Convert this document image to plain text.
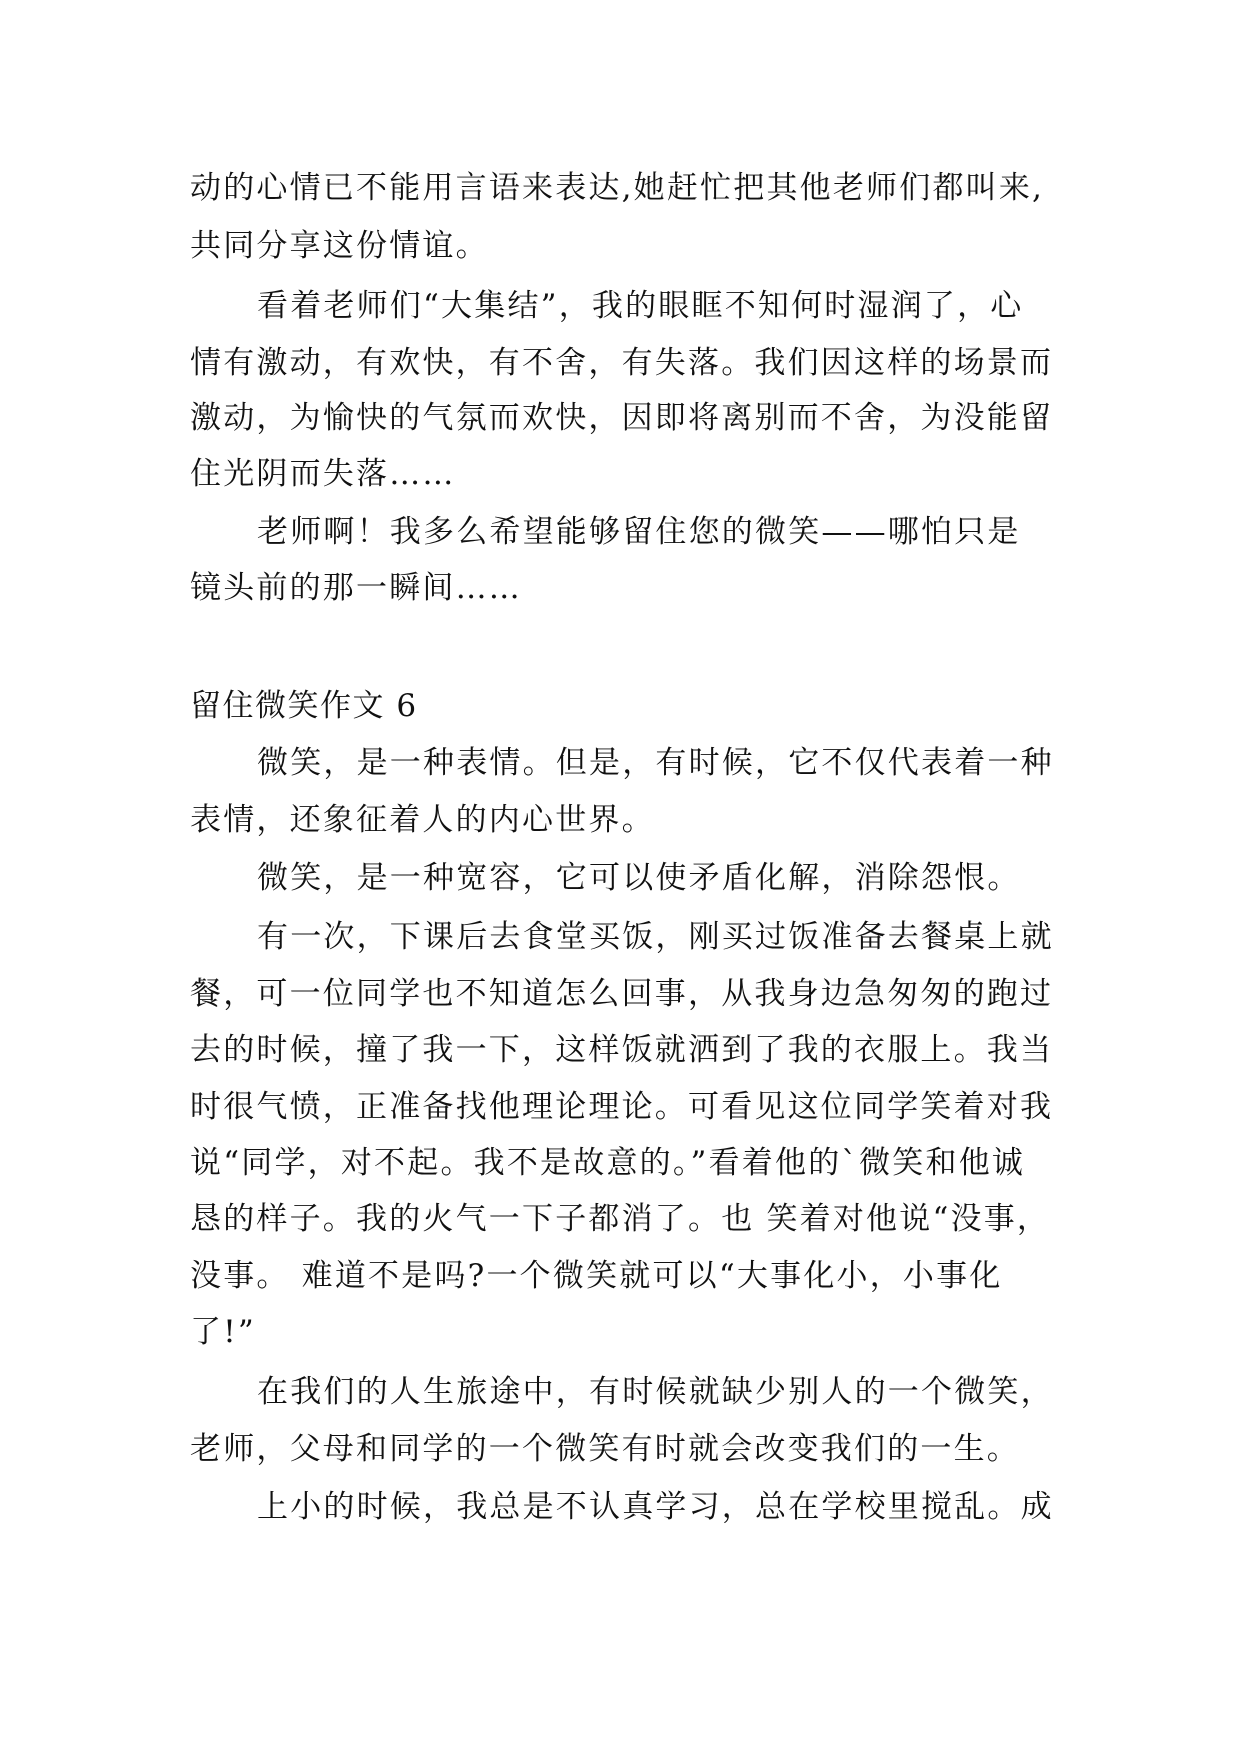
动的心情已不能用言语来表达,她赶忙把其他老师们都叫来,
共同分享这份情谊。
看着老师们“大集结”，我的眼眶不知何时湿润了，心
情有激动，有欢快，有不舍，有失落。我们因这样的场景而
激动，为愉快的气氛而欢快，因即将离别而不舍，为没能留
住光阴而失落……
老师啊！我多么希望能够留住您的微笑——哪怕只是
镜头前的那一瞬间……
留住微笑作文 6
微笑，是一种表情。但是，有时候，它不仅代表着一种
表情，还象征着人的内心世界。
微笑，是一种宽容，它可以使矛盾化解，消除怨恨。
有一次，下课后去食堂买饭，刚买过饭准备去餐桌上就
餐，可一位同学也不知道怎么回事，从我身边急匆匆的跑过
去的时候，撞了我一下，这样饭就洒到了我的衣服上。我当
时很气愤，正准备找他理论理论。可看见这位同学笑着对我
说“同学，对不起。我不是故意的。”看着他的`微笑和他诚
恳的样子。我的火气一下子都消了。也 笑着对他说“没事，
没事。 难道不是吗?一个微笑就可以“大事化小，小事化
了!”
在我们的人生旅途中，有时候就缺少别人的一个微笑，
老师，父母和同学的一个微笑有时就会改变我们的一生。
上小的时候，我总是不认真学习，总在学校里搅乱。成
